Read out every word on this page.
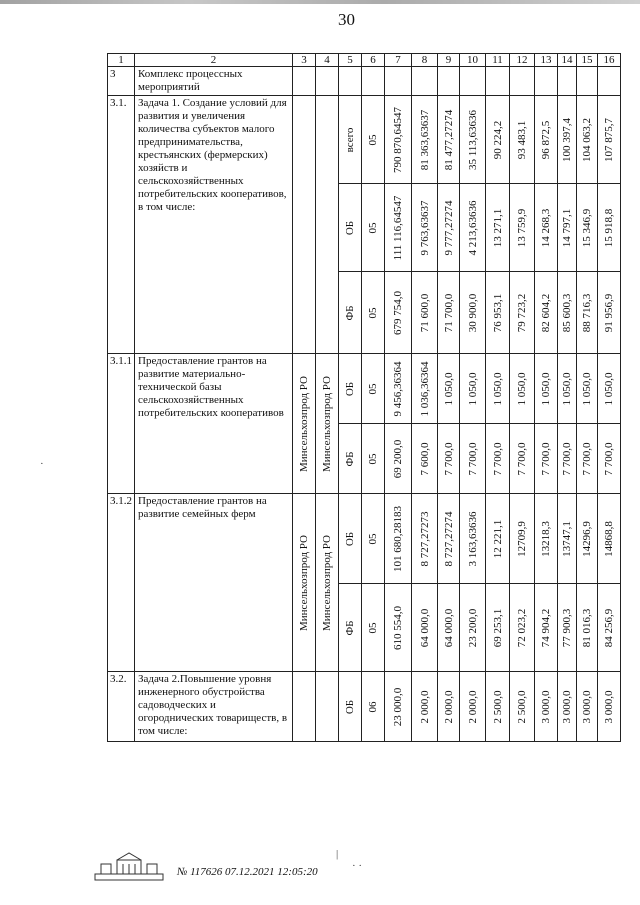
30
1	2	3	4	5	6	7	8	9	10	11	12	13	14	15	16
3	Комплекс процессных мероприятий														
3.1.	Задача 1. Создание условий для развития и увеличения количества субъектов малого предпринимательства, крестьянских (фермерских) хозяйств и сельскохозяйственных потребительских кооперативов, в том числе:			всего	05	790 870,64547	81 363,63637	81 477,27274	35 113,63636	90 224,2	93 483,1	96 872,5	100 397,4	104 063,2	107 875,7

				ОБ	05	111 116,64547	9 763,63637	9 777,27274	4 213,63636	13 271,1	13 759,9	14 268,3	14 797,1	15 346,9	15 918,8

				ФБ	05	679 754,0	71 600,0	71 700,0	30 900,0	76 953,1	79 723,2	82 604,2	85 600,3	88 716,3	91 956,9

3.1.1	Предоставление грантов на развитие материально-технической базы сельскохозяйственных потребительских кооперативов	Минсельхозпрод РО	Минсельхозпрод РО	ОБ	05	9 456,36364	1 036,36364	1 050,0	1 050,0	1 050,0	1 050,0	1 050,0	1 050,0	1 050,0	1 050,0

				ФБ	05	69 200,0	7 600,0	7 700,0	7 700,0	7 700,0	7 700,0	7 700,0	7 700,0	7 700,0	7 700,0

3.1.2	Предоставление грантов на развитие семейных ферм	Минсельхозпрод РО	Минсельхозпрод РО	ОБ	05	101 680,28183	8 727,27273	8 727,27274	3 163,63636	12 221,1	12709,9	13218,3	13747,1	14296,9	14868,8

				ФБ	05	610 554,0	64 000,0	64 000,0	23 200,0	69 253,1	72 023,2	74 904,2	77 900,3	81 016,3	84 256,9

3.2.	Задача 2.Повышение уровня инженерного обустройства садоводческих и огороднических товариществ, в том числе:			ОБ	06	23 000,0	2 000,0	2 000,0	2 000,0	2 500,0	2 500,0	3 000,0	3 000,0	3 000,0	3 000,0
№ 117626 07.12.2021 12:05:20
·
|
· ·
